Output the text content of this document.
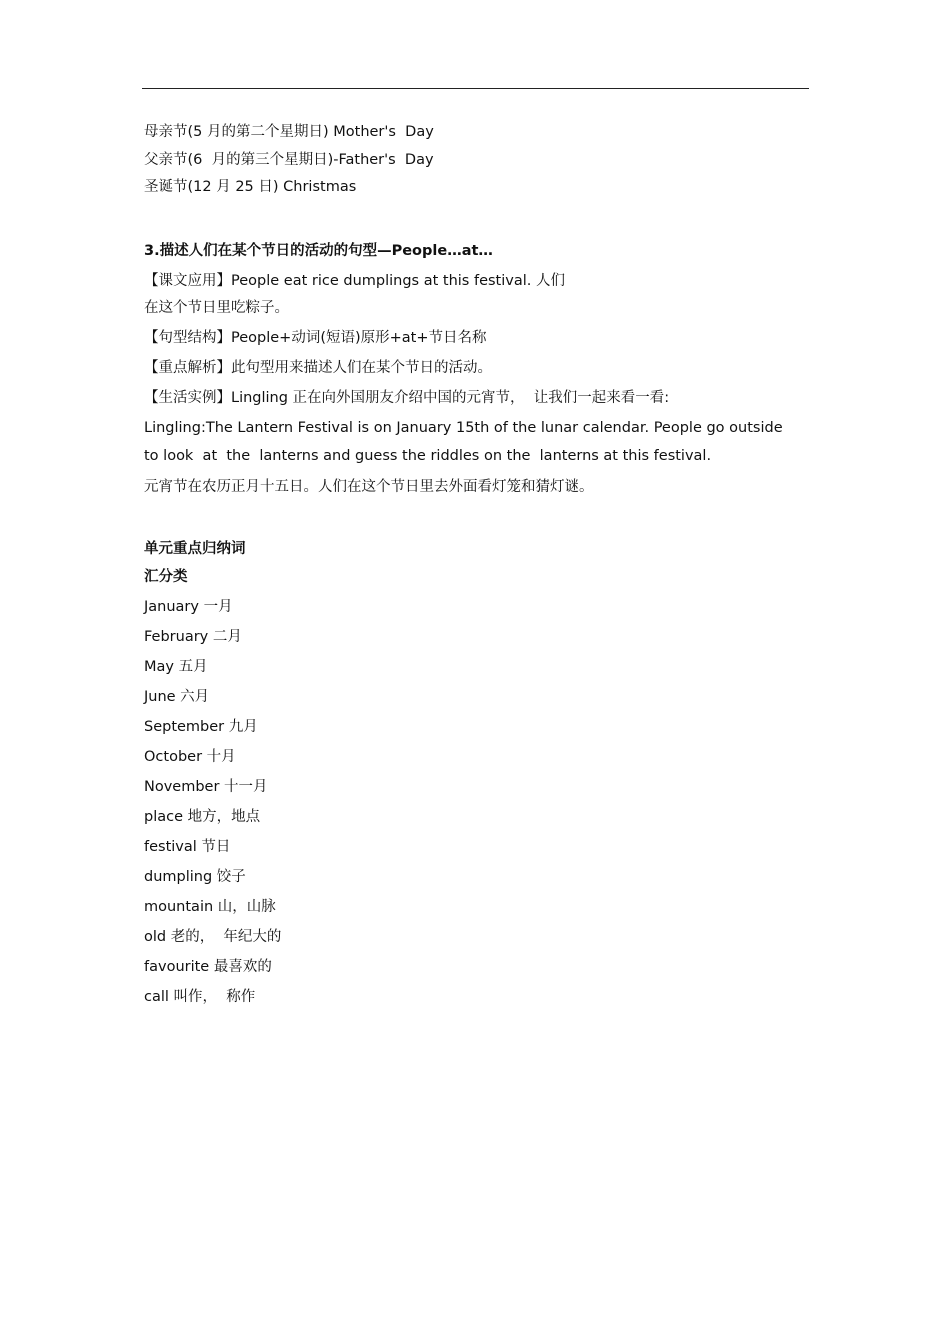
母亲节(5 月的第二个星期日) Mother's  Day
父亲节(6  月的第三个星期日)-Father's  Day
圣诞节(12 月 25 日) Christmas
3.描述人们在某个节日的活动的句型—People…at…
【课文应用】People eat rice dumplings at this festival. 人们
在这个节日里吃粽子。
【句型结构】People+动词(短语)原形+at+节日名称
【重点解析】此句型用来描述人们在某个节日的活动。
【生活实例】Lingling 正在向外国朋友介绍中国的元宵节，  让我们一起来看一看:
Lingling:The Lantern Festival is on January 15th of the lunar calendar. People go outside
to look  at  the  lanterns and guess the riddles on the  lanterns at this festival.
元宵节在农历正月十五日。人们在这个节日里去外面看灯笼和猜灯谜。
单元重点归纳词
汇分类
January 一月
February 二月
May 五月
June 六月
September 九月
October 十月
November 十一月
place 地方，地点
festival 节日
dumpling 饺子
mountain 山，山脉
old 老的，  年纪大的
favourite 最喜欢的
call 叫作，  称作
